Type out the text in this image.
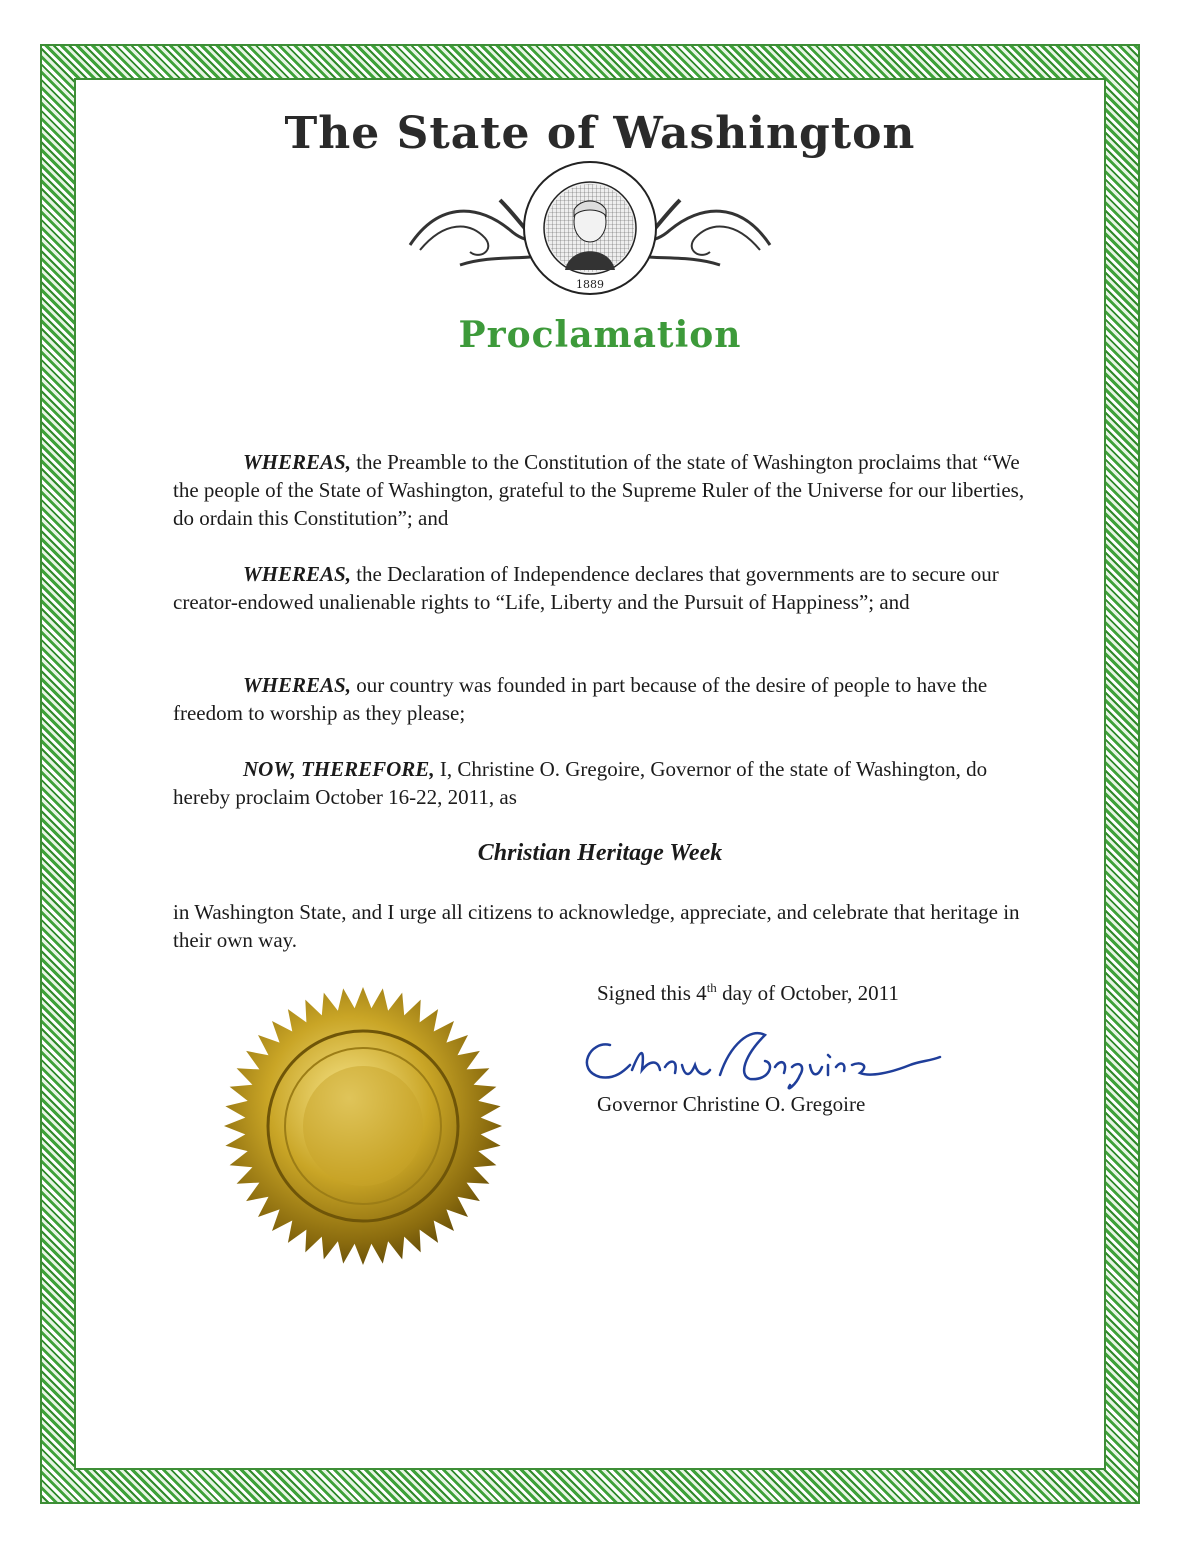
The State of Washington
1889
Proclamation

WHEREAS, the Preamble to the Constitution of the state of Washington proclaims that “We the people of the State of Washington, grateful to the Supreme Ruler of the Universe for our liberties, do ordain this Constitution”; and

WHEREAS, the Declaration of Independence declares that governments are to secure our creator-endowed unalienable rights to “Life, Liberty and the Pursuit of Happiness”; and

WHEREAS, our country was founded in part because of the desire of people to have the freedom to worship as they please;

NOW, THEREFORE, I, Christine O. Gregoire, Governor of the state of Washington, do hereby proclaim October 16-22, 2011, as

Christian Heritage Week

in Washington State, and I urge all citizens to acknowledge, appreciate, and celebrate that heritage in their own way.

Signed this 4th day of October, 2011
Governor Christine O. Gregoire
